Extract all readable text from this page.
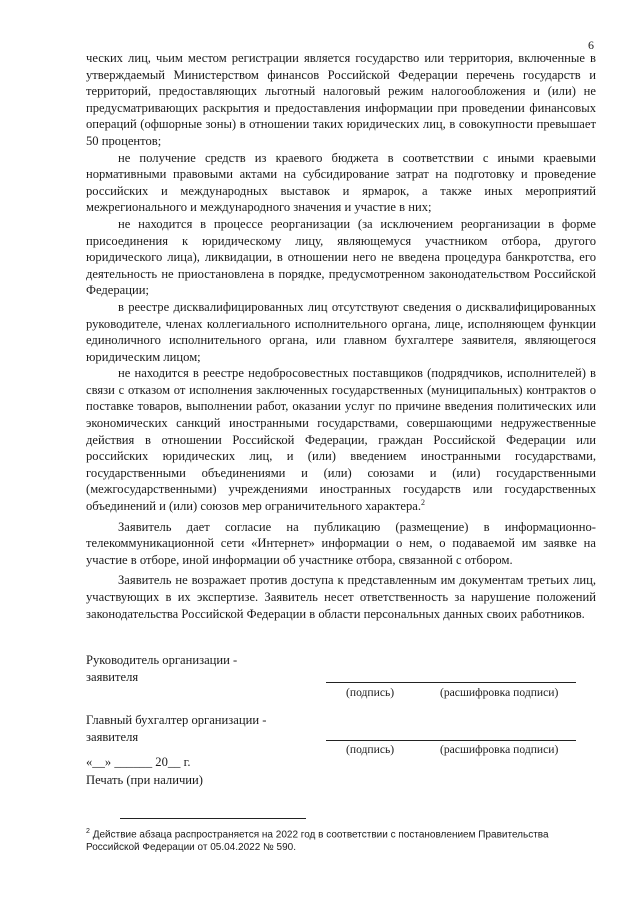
6

ческих лиц, чьим местом регистрации является государство или территория, включенные в утверждаемый Министерством финансов Российской Федерации перечень государств и территорий, предоставляющих льготный налоговый режим налогообложения и (или) не предусматривающих раскрытия и предоставления информации при проведении финансовых операций (офшорные зоны) в отношении таких юридических лиц, в совокупности превышает 50 процентов;

не получение средств из краевого бюджета в соответствии с иными краевыми нормативными правовыми актами на субсидирование затрат на подготовку и проведение российских и международных выставок и ярмарок, а также иных мероприятий межрегионального и международного значения и участие в них;

не находится в процессе реорганизации (за исключением реорганизации в форме присоединения к юридическому лицу, являющемуся участником отбора, другого юридического лица), ликвидации, в отношении него не введена процедура банкротства, его деятельность не приостановлена в порядке, предусмотренном законодательством Российской Федерации;

в реестре дисквалифицированных лиц отсутствуют сведения о дисквалифицированных руководителе, членах коллегиального исполнительного органа, лице, исполняющем функции единоличного исполнительного органа, или главном бухгалтере заявителя, являющегося юридическим лицом;

не находится в реестре недобросовестных поставщиков (подрядчиков, исполнителей) в связи с отказом от исполнения заключенных государственных (муниципальных) контрактов о поставке товаров, выполнении работ, оказании услуг по причине введения политических или экономических санкций иностранными государствами, совершающими недружественные действия в отношении Российской Федерации, граждан Российской Федерации или российских юридических лиц, и (или) введением иностранными государствами, государственными объединениями и (или) союзами и (или) государственными (межгосударственными) учреждениями иностранных государств или государственных объединений и (или) союзов мер ограничительного характера.$^2$

Заявитель дает согласие на публикацию (размещение) в информационно-телекоммуникационной сети «Интернет» информации о нем, о подаваемой им заявке на участие в отборе, иной информации об участнике отбора, связанной с отбором.

Заявитель не возражает против доступа к представленным им документам третьих лиц, участвующих в их экспертизе. Заявитель несет ответственность за нарушение положений законодательства Российской Федерации в области персональных данных своих работников.

Руководитель организации - заявителя
(подпись)	(расшифровка подписи)
Главный бухгалтер организации - заявителя
(подпись)	(расшифровка подписи)
«__» ______ 20__ г.
Печать (при наличии)
$^2$ Действие абзаца распространяется на 2022 год в соответствии с постановлением Правительства Российской Федерации от 05.04.2022 № 590.
